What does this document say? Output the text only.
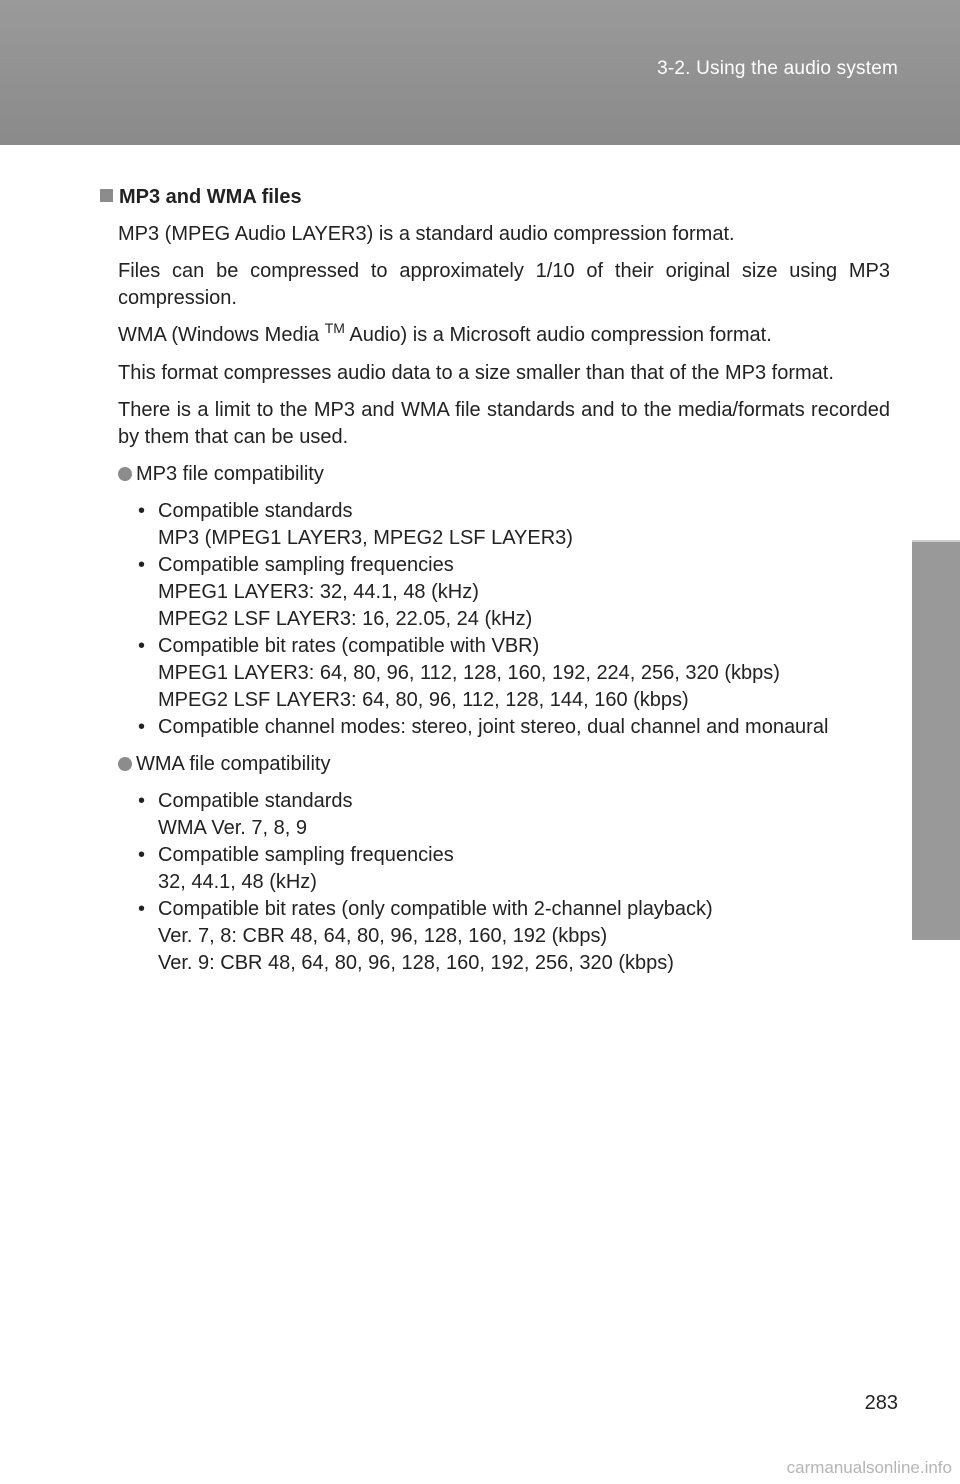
3-2. Using the audio system
3
Interior features
MP3 and WMA files

MP3 (MPEG Audio LAYER3) is a standard audio compression format.

Files can be compressed to approximately 1/10 of their original size using MP3 compression.

WMA (Windows Media ™ Audio) is a Microsoft audio compression format.

This format compresses audio data to a size smaller than that of the MP3 format.

There is a limit to the MP3 and WMA file standards and to the media/formats recorded by them that can be used.

MP3 file compatibility
• Compatible standards
MP3 (MPEG1 LAYER3, MPEG2 LSF LAYER3)
• Compatible sampling frequencies
MPEG1 LAYER3: 32, 44.1, 48 (kHz)
MPEG2 LSF LAYER3: 16, 22.05, 24 (kHz)
• Compatible bit rates (compatible with VBR)
MPEG1 LAYER3: 64, 80, 96, 112, 128, 160, 192, 224, 256, 320 (kbps)
MPEG2 LSF LAYER3: 64, 80, 96, 112, 128, 144, 160 (kbps)
• Compatible channel modes: stereo, joint stereo, dual channel and monaural
WMA file compatibility
• Compatible standards
WMA Ver. 7, 8, 9
• Compatible sampling frequencies
32, 44.1, 48 (kHz)
• Compatible bit rates (only compatible with 2-channel playback)
Ver. 7, 8: CBR 48, 64, 80, 96, 128, 160, 192 (kbps)
Ver. 9: CBR 48, 64, 80, 96, 128, 160, 192, 256, 320 (kbps)
283
carmanualsonline.info
